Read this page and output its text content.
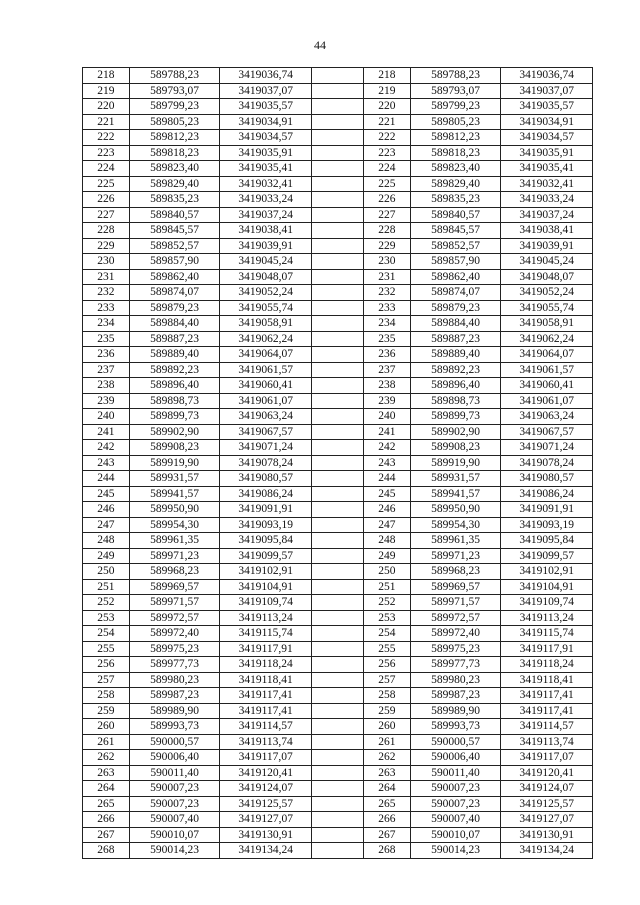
44
218	589788,23	3419036,74		218	589788,23	3419036,74
219	589793,07	3419037,07		219	589793,07	3419037,07
220	589799,23	3419035,57		220	589799,23	3419035,57
221	589805,23	3419034,91		221	589805,23	3419034,91
222	589812,23	3419034,57		222	589812,23	3419034,57
223	589818,23	3419035,91		223	589818,23	3419035,91
224	589823,40	3419035,41		224	589823,40	3419035,41
225	589829,40	3419032,41		225	589829,40	3419032,41
226	589835,23	3419033,24		226	589835,23	3419033,24
227	589840,57	3419037,24		227	589840,57	3419037,24
228	589845,57	3419038,41		228	589845,57	3419038,41
229	589852,57	3419039,91		229	589852,57	3419039,91
230	589857,90	3419045,24		230	589857,90	3419045,24
231	589862,40	3419048,07		231	589862,40	3419048,07
232	589874,07	3419052,24		232	589874,07	3419052,24
233	589879,23	3419055,74		233	589879,23	3419055,74
234	589884,40	3419058,91		234	589884,40	3419058,91
235	589887,23	3419062,24		235	589887,23	3419062,24
236	589889,40	3419064,07		236	589889,40	3419064,07
237	589892,23	3419061,57		237	589892,23	3419061,57
238	589896,40	3419060,41		238	589896,40	3419060,41
239	589898,73	3419061,07		239	589898,73	3419061,07
240	589899,73	3419063,24		240	589899,73	3419063,24
241	589902,90	3419067,57		241	589902,90	3419067,57
242	589908,23	3419071,24		242	589908,23	3419071,24
243	589919,90	3419078,24		243	589919,90	3419078,24
244	589931,57	3419080,57		244	589931,57	3419080,57
245	589941,57	3419086,24		245	589941,57	3419086,24
246	589950,90	3419091,91		246	589950,90	3419091,91
247	589954,30	3419093,19		247	589954,30	3419093,19
248	589961,35	3419095,84		248	589961,35	3419095,84
249	589971,23	3419099,57		249	589971,23	3419099,57
250	589968,23	3419102,91		250	589968,23	3419102,91
251	589969,57	3419104,91		251	589969,57	3419104,91
252	589971,57	3419109,74		252	589971,57	3419109,74
253	589972,57	3419113,24		253	589972,57	3419113,24
254	589972,40	3419115,74		254	589972,40	3419115,74
255	589975,23	3419117,91		255	589975,23	3419117,91
256	589977,73	3419118,24		256	589977,73	3419118,24
257	589980,23	3419118,41		257	589980,23	3419118,41
258	589987,23	3419117,41		258	589987,23	3419117,41
259	589989,90	3419117,41		259	589989,90	3419117,41
260	589993,73	3419114,57		260	589993,73	3419114,57
261	590000,57	3419113,74		261	590000,57	3419113,74
262	590006,40	3419117,07		262	590006,40	3419117,07
263	590011,40	3419120,41		263	590011,40	3419120,41
264	590007,23	3419124,07		264	590007,23	3419124,07
265	590007,23	3419125,57		265	590007,23	3419125,57
266	590007,40	3419127,07		266	590007,40	3419127,07
267	590010,07	3419130,91		267	590010,07	3419130,91
268	590014,23	3419134,24		268	590014,23	3419134,24
